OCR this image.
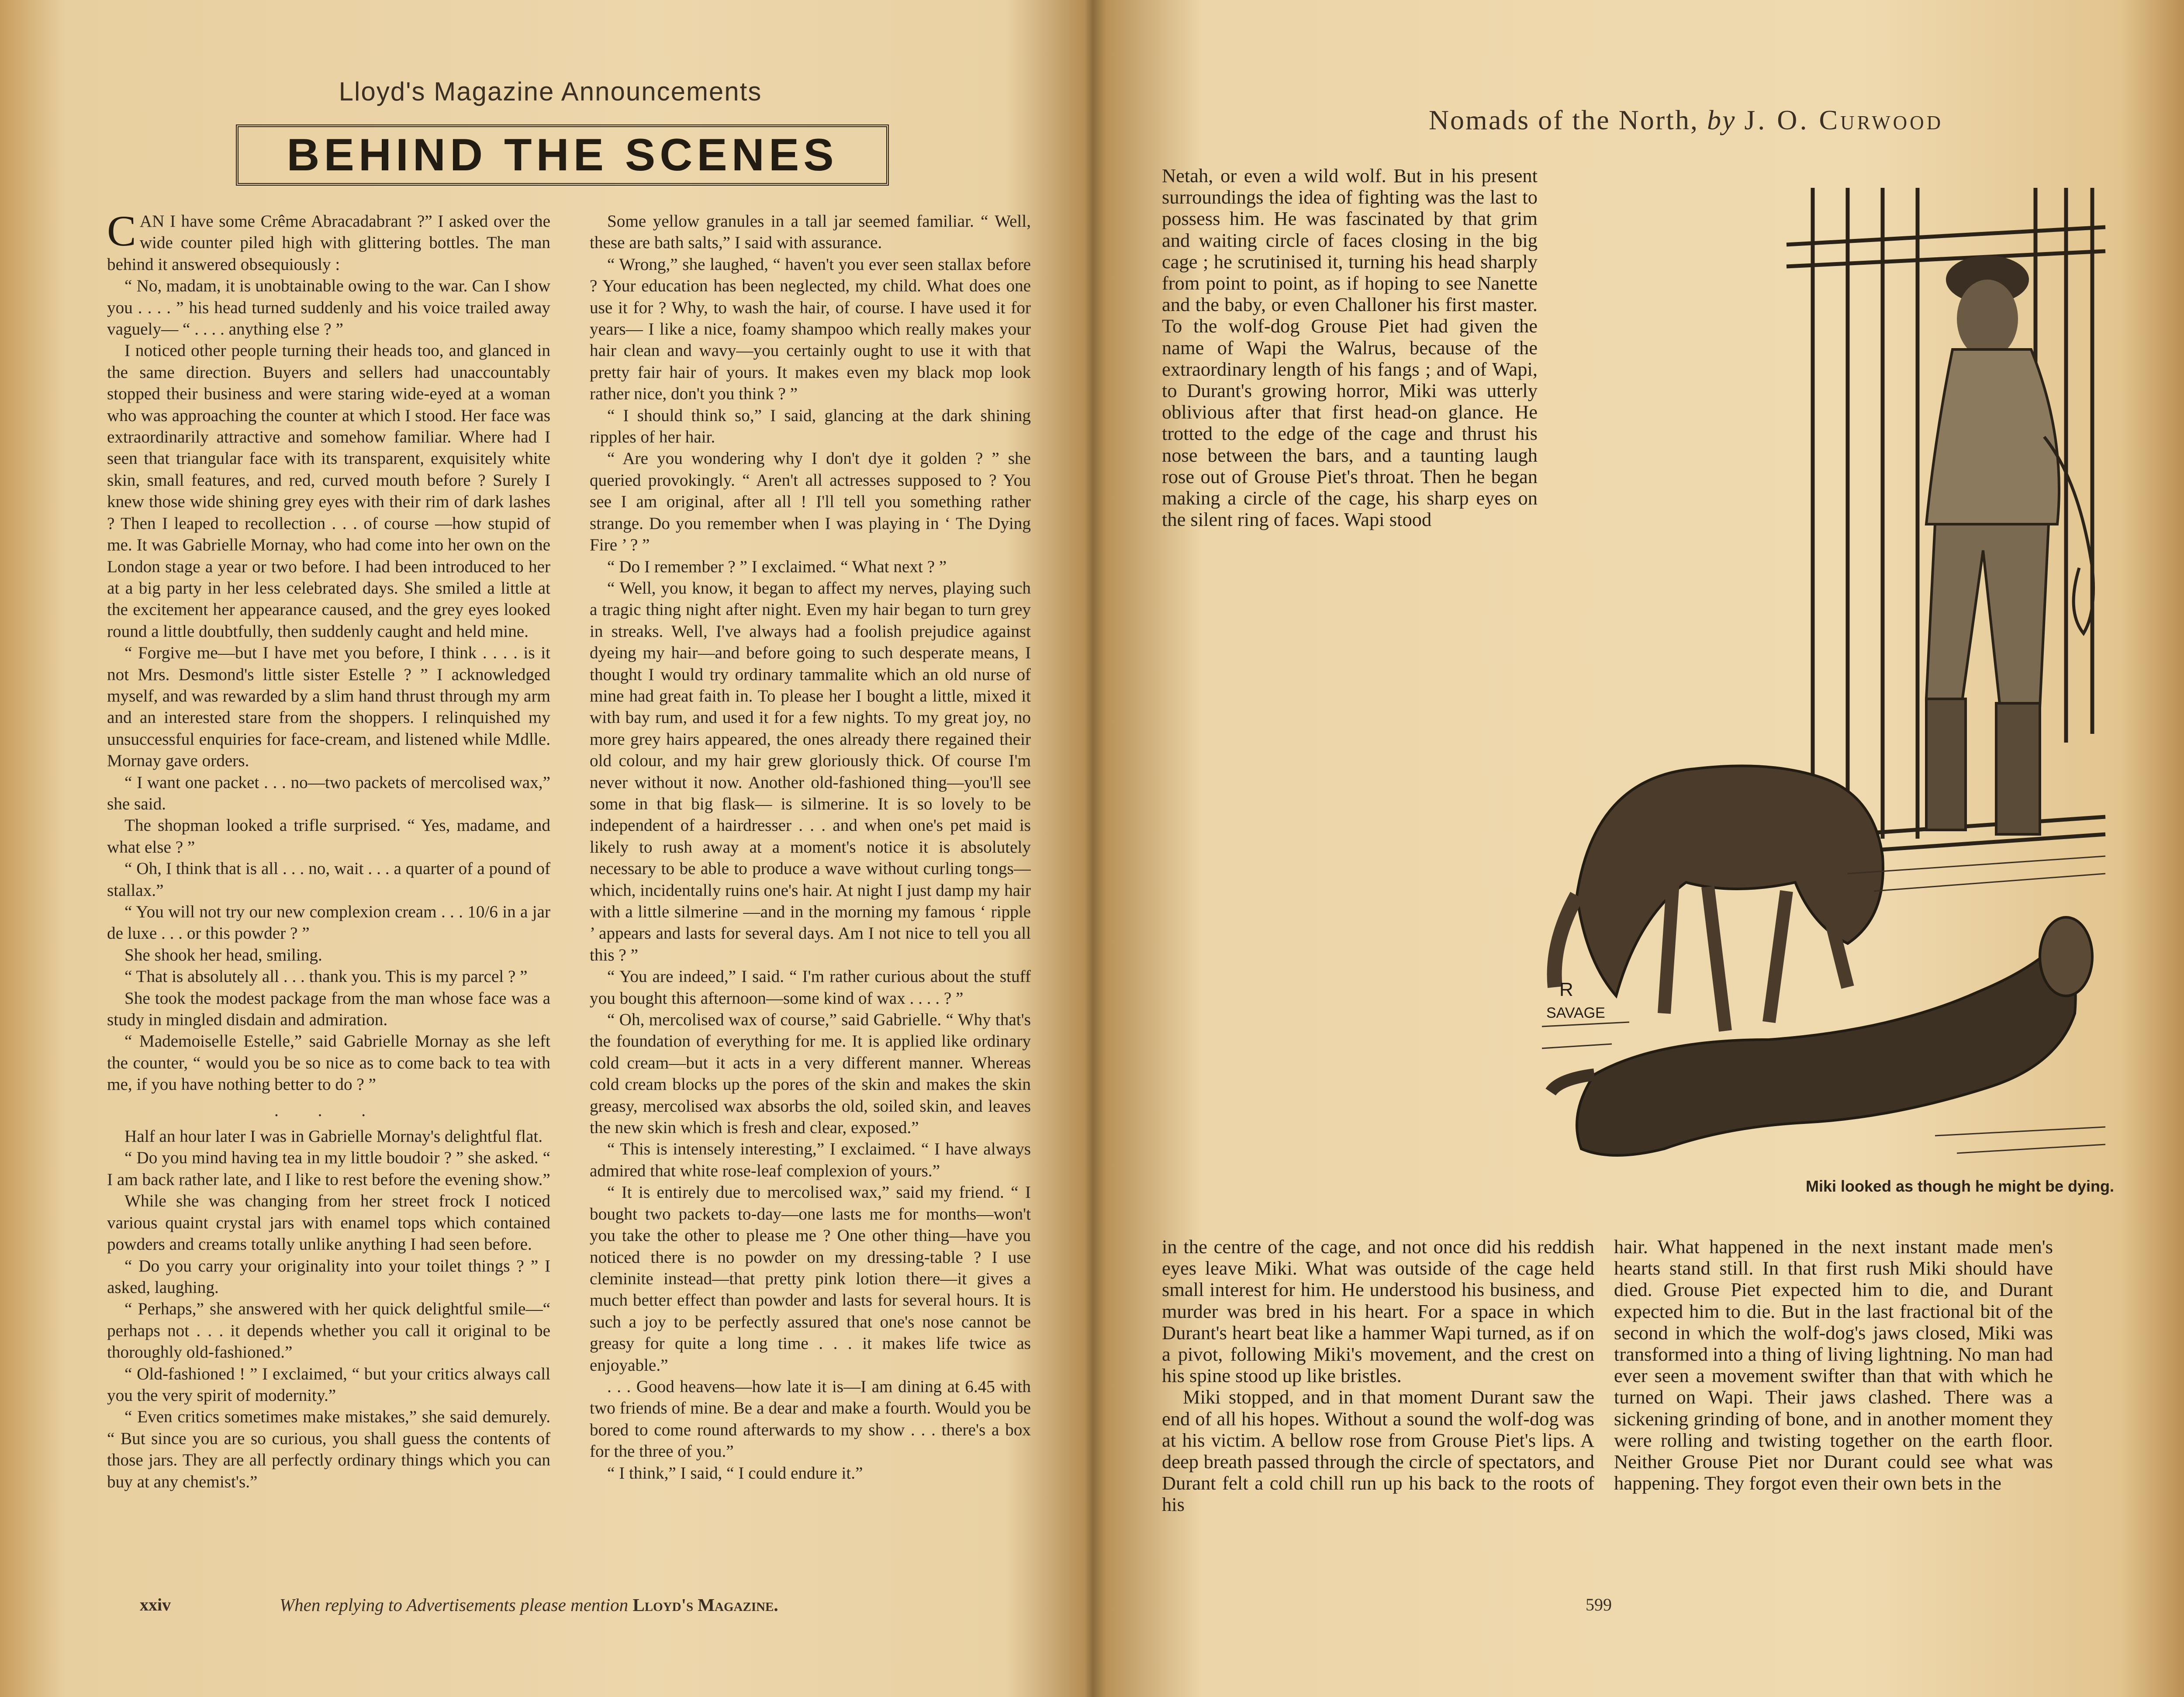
Lloyd's Magazine Announcements
BEHIND THE SCENES

CAN I have some Crême Abracadabrant ?” I asked over the wide counter piled high with glittering bottles. The man behind it answered obsequiously :

“ No, madam, it is unobtainable owing to the war. Can I show you . . . . ” his head turned suddenly and his voice trailed away vaguely— “ . . . . anything else ? ”

I noticed other people turning their heads too, and glanced in the same direction. Buyers and sellers had unaccountably stopped their business and were staring wide-eyed at a woman who was approaching the counter at which I stood. Her face was extraordinarily attractive and somehow familiar. Where had I seen that triangular face with its transparent, exquisitely white skin, small features, and red, curved mouth before ? Surely I knew those wide shining grey eyes with their rim of dark lashes ? Then I leaped to recollection . . . of course —how stupid of me. It was Gabrielle Mornay, who had come into her own on the London stage a year or two before. I had been introduced to her at a big party in her less celebrated days. She smiled a little at the excitement her appearance caused, and the grey eyes looked round a little doubtfully, then suddenly caught and held mine.

“ Forgive me—but I have met you before, I think . . . . is it not Mrs. Desmond's little sister Estelle ? ” I acknowledged myself, and was rewarded by a slim hand thrust through my arm and an interested stare from the shoppers. I relinquished my unsuccessful enquiries for face-cream, and listened while Mdlle. Mornay gave orders.

“ I want one packet . . . no—two packets of mercolised wax,” she said.

The shopman looked a trifle surprised. “ Yes, madame, and what else ? ”

“ Oh, I think that is all . . . no, wait . . . a quarter of a pound of stallax.”

“ You will not try our new complexion cream . . . 10/6 in a jar de luxe . . . or this powder ? ”

She shook her head, smiling.

“ That is absolutely all . . . thank you. This is my parcel ? ”

She took the modest package from the man whose face was a study in mingled disdain and admiration.

“ Mademoiselle Estelle,” said Gabrielle Mornay as she left the counter, “ would you be so nice as to come back to tea with me, if you have nothing better to do ? ”

. . .

Half an hour later I was in Gabrielle Mornay's delightful flat.

“ Do you mind having tea in my little boudoir ? ” she asked. “ I am back rather late, and I like to rest before the evening show.”

While she was changing from her street frock I noticed various quaint crystal jars with enamel tops which contained powders and creams totally unlike anything I had seen before.

“ Do you carry your originality into your toilet things ? ” I asked, laughing.

“ Perhaps,” she answered with her quick delightful smile—“ perhaps not . . . it depends whether you call it original to be thoroughly old-fashioned.”

“ Old-fashioned ! ” I exclaimed, “ but your critics always call you the very spirit of modernity.”

“ Even critics sometimes make mistakes,” she said demurely. “ But since you are so curious, you shall guess the contents of those jars. They are all perfectly ordinary things which you can buy at any chemist's.”

Some yellow granules in a tall jar seemed familiar. “ Well, these are bath salts,” I said with assurance.

“ Wrong,” she laughed, “ haven't you ever seen stallax before ? Your education has been neglected, my child. What does one use it for ? Why, to wash the hair, of course. I have used it for years— I like a nice, foamy shampoo which really makes your hair clean and wavy—you certainly ought to use it with that pretty fair hair of yours. It makes even my black mop look rather nice, don't you think ? ”

“ I should think so,” I said, glancing at the dark shining ripples of her hair.

“ Are you wondering why I don't dye it golden ? ” she queried provokingly. “ Aren't all actresses supposed to ? You see I am original, after all ! I'll tell you something rather strange. Do you remember when I was playing in ‘ The Dying Fire ’ ? ”

“ Do I remember ? ” I exclaimed. “ What next ? ”

“ Well, you know, it began to affect my nerves, playing such a tragic thing night after night. Even my hair began to turn grey in streaks. Well, I've always had a foolish prejudice against dyeing my hair—and before going to such desperate means, I thought I would try ordinary tammalite which an old nurse of mine had great faith in. To please her I bought a little, mixed it with bay rum, and used it for a few nights. To my great joy, no more grey hairs appeared, the ones already there regained their old colour, and my hair grew gloriously thick. Of course I'm never without it now. Another old-fashioned thing—you'll see some in that big flask— is silmerine. It is so lovely to be independent of a hairdresser . . . and when one's pet maid is likely to rush away at a moment's notice it is absolutely necessary to be able to produce a wave without curling tongs—which, incidentally ruins one's hair. At night I just damp my hair with a little silmerine —and in the morning my famous ‘ ripple ’ appears and lasts for several days. Am I not nice to tell you all this ? ”

“ You are indeed,” I said. “ I'm rather curious about the stuff you bought this afternoon—some kind of wax . . . . ? ”

“ Oh, mercolised wax of course,” said Gabrielle. “ Why that's the foundation of everything for me. It is applied like ordinary cold cream—but it acts in a very different manner. Whereas cold cream blocks up the pores of the skin and makes the skin greasy, mercolised wax absorbs the old, soiled skin, and leaves the new skin which is fresh and clear, exposed.”

“ This is intensely interesting,” I exclaimed. “ I have always admired that white rose-leaf complexion of yours.”

“ It is entirely due to mercolised wax,” said my friend. “ I bought two packets to-day—one lasts me for months—won't you take the other to please me ? One other thing—have you noticed there is no powder on my dressing-table ? I use cleminite instead—that pretty pink lotion there—it gives a much better effect than powder and lasts for several hours. It is such a joy to be perfectly assured that one's nose cannot be greasy for quite a long time . . . it makes life twice as enjoyable.”

. . . Good heavens—how late it is—I am dining at 6.45 with two friends of mine. Be a dear and make a fourth. Would you be bored to come round afterwards to my show . . . there's a box for the three of you.”

“ I think,” I said, “ I could endure it.”

xxiv	When replying to Advertisements please mention Lloyd's Magazine.
Nomads of the North, by J. O. Curwood

Netah, or even a wild wolf. But in his present surroundings the idea of fighting was the last to possess him. He was fascinated by that grim and waiting circle of faces closing in the big cage ; he scrutinised it, turning his head sharply from point to point, as if hoping to see Nanette and the baby, or even Challoner his first master. To the wolf-dog Grouse Piet had given the name of Wapi the Walrus, because of the extraordinary length of his fangs ; and of Wapi, to Durant's growing horror, Miki was utterly oblivious after that first head-on glance. He trotted to the edge of the cage and thrust his nose between the bars, and a taunting laugh rose out of Grouse Piet's throat. Then he began making a circle of the cage, his sharp eyes on the silent ring of faces. Wapi stood

R
SAVAGE
Miki looked as though he might be dying.

in the centre of the cage, and not once did his reddish eyes leave Miki. What was outside of the cage held small interest for him. He understood his business, and murder was bred in his heart. For a space in which Durant's heart beat like a hammer Wapi turned, as if on a pivot, following Miki's movement, and the crest on his spine stood up like bristles.

Miki stopped, and in that moment Durant saw the end of all his hopes. Without a sound the wolf-dog was at his victim. A bellow rose from Grouse Piet's lips. A deep breath passed through the circle of spectators, and Durant felt a cold chill run up his back to the roots of his

hair. What happened in the next instant made men's hearts stand still. In that first rush Miki should have died. Grouse Piet expected him to die, and Durant expected him to die. But in the last fractional bit of the second in which the wolf-dog's jaws closed, Miki was transformed into a thing of living lightning. No man had ever seen a movement swifter than that with which he turned on Wapi. Their jaws clashed. There was a sickening grinding of bone, and in another moment they were rolling and twisting together on the earth floor. Neither Grouse Piet nor Durant could see what was happening. They forgot even their own bets in the

599
